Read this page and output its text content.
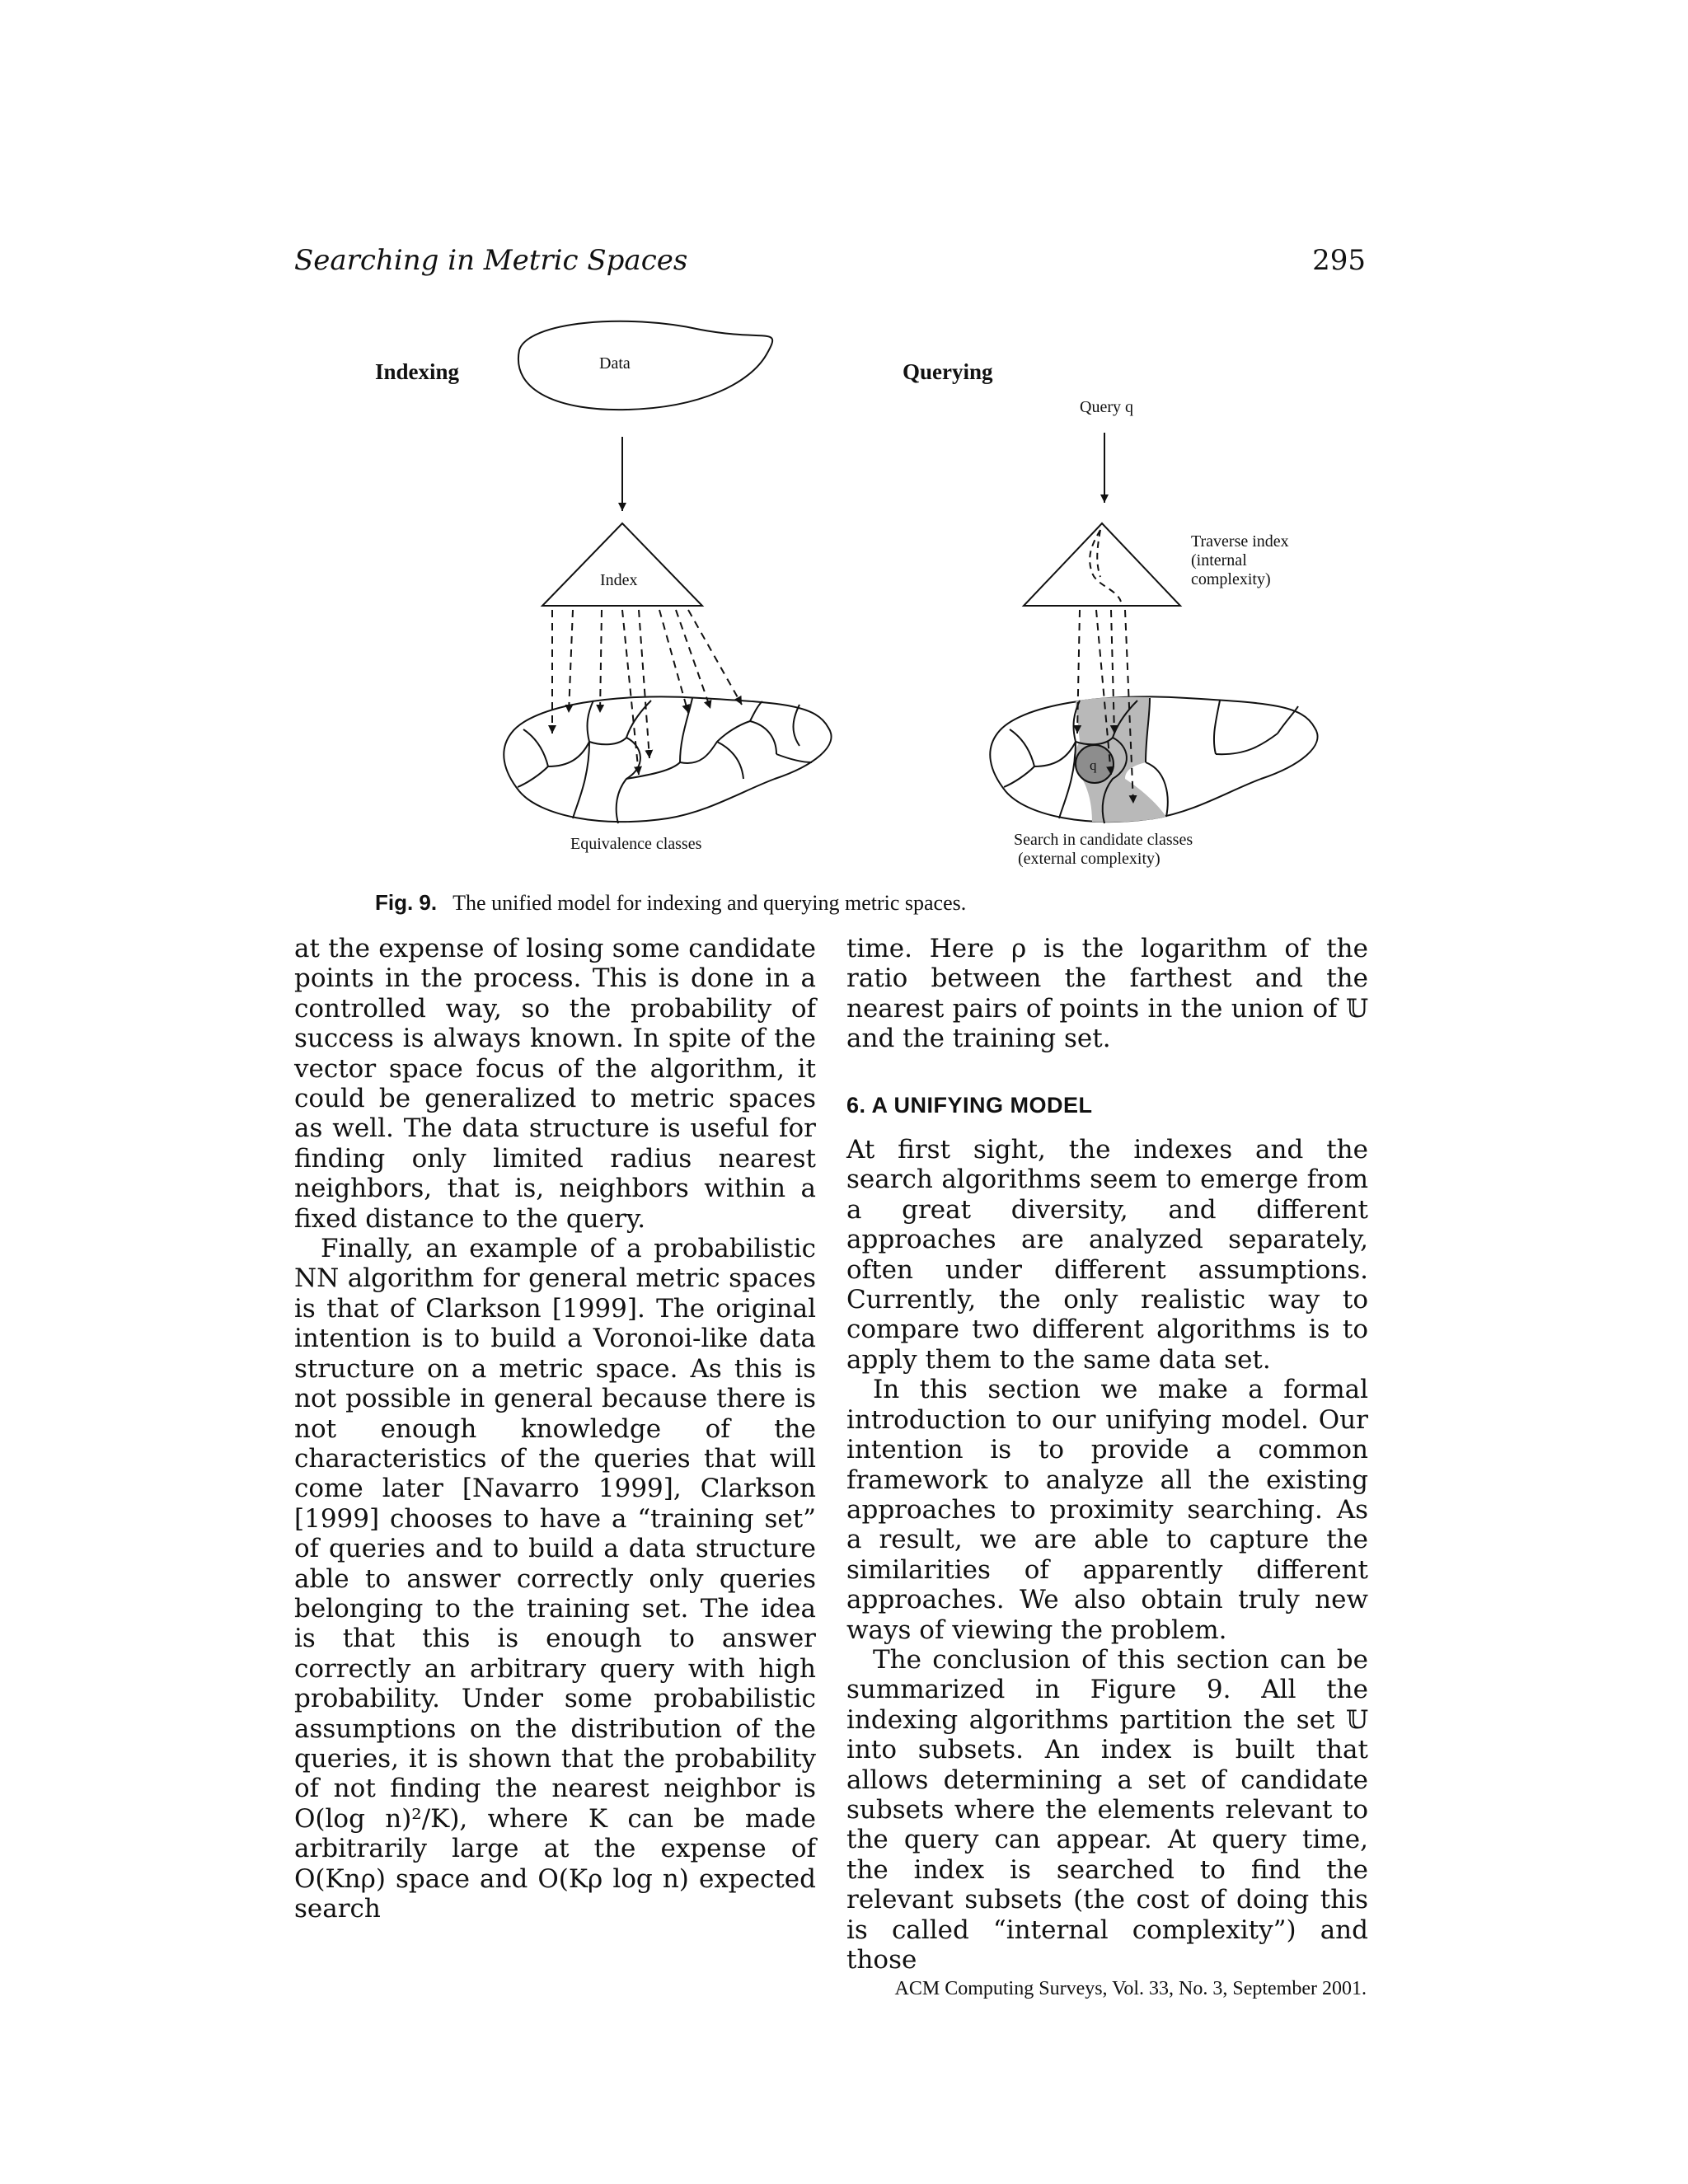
Searching in Metric Spaces	295
Indexing	Data
Index
Equivalence classes
Querying
Query q
Traverse index
(internal
complexity)
q
Search in candidate classes
(external complexity)
Fig. 9. The unified model for indexing and querying metric spaces.

at the expense of losing some candidate points in the process. This is done in a controlled way, so the probability of success is always known. In spite of the vector space focus of the algorithm, it could be generalized to metric spaces as well. The data structure is useful for finding only limited radius nearest neighbors, that is, neighbors within a fixed distance to the query.

Finally, an example of a probabilistic NN algorithm for general metric spaces is that of Clarkson [1999]. The original intention is to build a Voronoi-like data structure on a metric space. As this is not possible in general because there is not enough knowledge of the characteristics of the queries that will come later [Navarro 1999], Clarkson [1999] chooses to have a “training set” of queries and to build a data structure able to answer correctly only queries belonging to the training set. The idea is that this is enough to answer correctly an arbitrary query with high probability. Under some probabilistic assumptions on the distribution of the queries, it is shown that the probability of not finding the nearest neighbor is O(log n)²/K), where K can be made arbitrarily large at the expense of O(Knρ) space and O(Kρ log n) expected search

time. Here ρ is the logarithm of the ratio between the farthest and the nearest pairs of points in the union of 𝕌 and the training set.

6. A UNIFYING MODEL

At first sight, the indexes and the search algorithms seem to emerge from a great diversity, and different approaches are analyzed separately, often under different assumptions. Currently, the only realistic way to compare two different algorithms is to apply them to the same data set.

In this section we make a formal introduction to our unifying model. Our intention is to provide a common framework to analyze all the existing approaches to proximity searching. As a result, we are able to capture the similarities of apparently different approaches. We also obtain truly new ways of viewing the problem.

The conclusion of this section can be summarized in Figure 9. All the indexing algorithms partition the set 𝕌 into subsets. An index is built that allows determining a set of candidate subsets where the elements relevant to the query can appear. At query time, the index is searched to find the relevant subsets (the cost of doing this is called “internal complexity”) and those

ACM Computing Surveys, Vol. 33, No. 3, September 2001.
